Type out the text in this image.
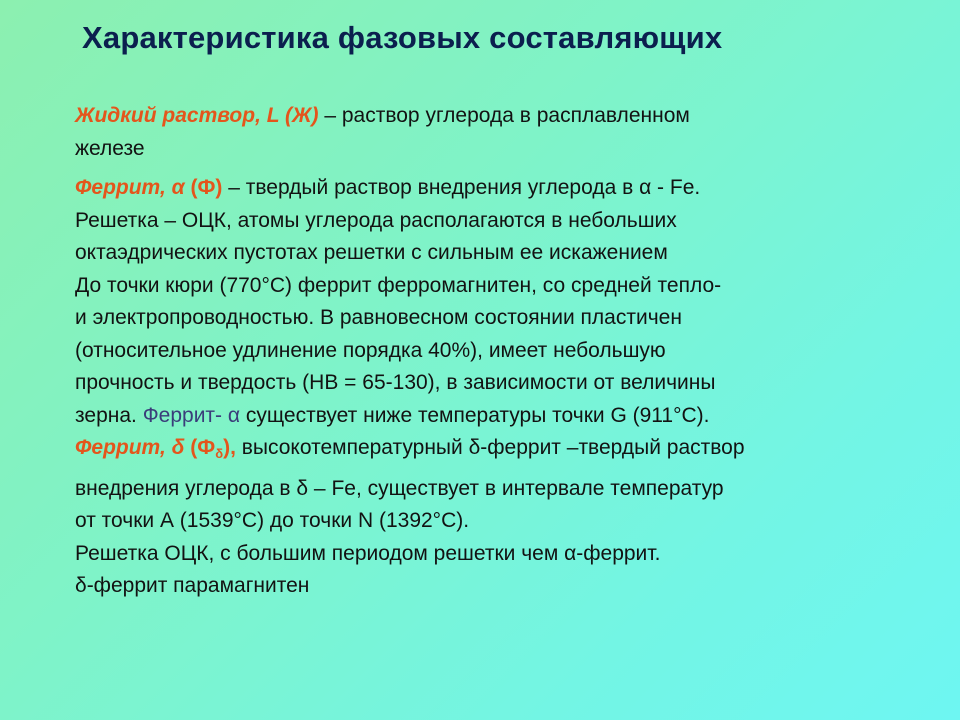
Характеристика фазовых составляющих
Жидкий раствор, L (Ж) – раствор углерода в расплавленном
железе
Феррит, α (Ф) – твердый раствор внедрения углерода в α - Fe.
Решетка – ОЦК, атомы углерода располагаются в небольших
октаэдрических пустотах решетки с сильным ее искажением
До точки кюри (770°С) феррит ферромагнитен, со средней тепло-
и электропроводностью. В равновесном состоянии пластичен
(относительное удлинение порядка 40%), имеет небольшую
прочность и твердость (НВ = 65-130), в зависимости от величины
зерна. Феррит- α существует ниже температуры точки G (911°С).
Феррит, δ $(Ф_\delta)$, высокотемпературный δ-феррит –твердый раствор
внедрения углерода в δ – Fe, существует в интервале температур
от точки А (1539°С) до точки N (1392°С).
Решетка ОЦК, с большим периодом решетки чем α-феррит.
δ-феррит парамагнитен
